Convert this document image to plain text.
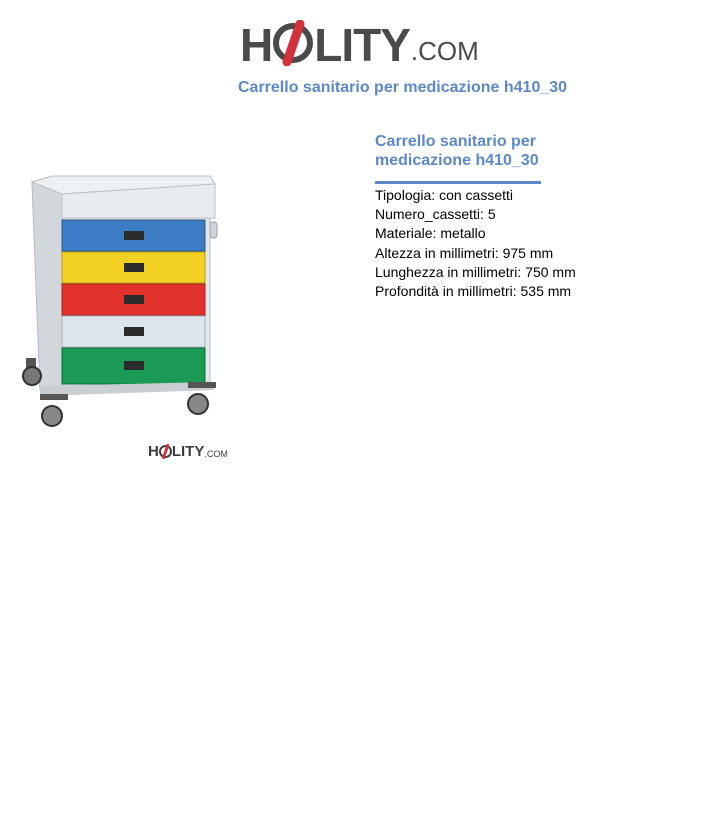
H LITY .COM
Carrello sanitario per medicazione h410_30
H LITY .COM
Carrello sanitario per medicazione h410_30
Tipologia: con cassetti
Numero_cassetti: 5
Materiale: metallo
Altezza in millimetri: 975 mm
Lunghezza in millimetri: 750 mm
Profondità in millimetri: 535 mm
